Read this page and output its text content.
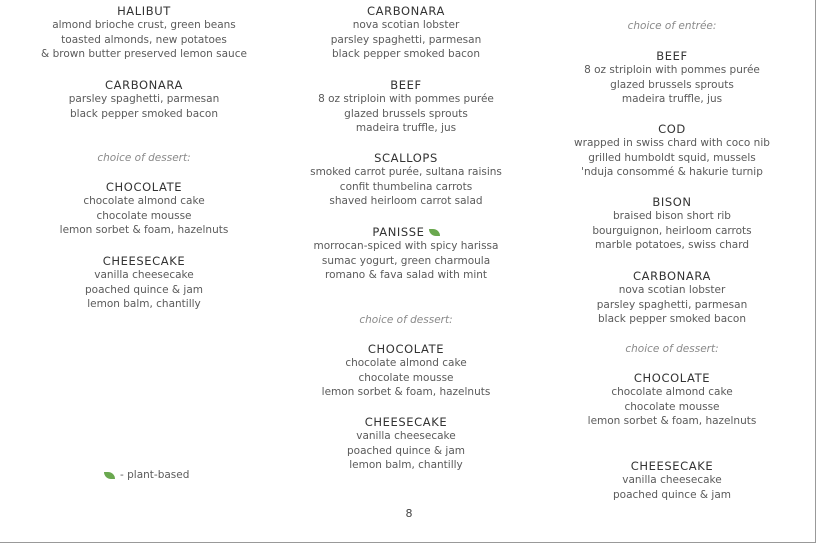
HALIBUT
almond brioche crust, green beans
toasted almonds, new potatoes
& brown butter preserved lemon sauce
CARBONARA
parsley spaghetti, parmesan
black pepper smoked bacon
choice of dessert:
CHOCOLATE
chocolate almond cake
chocolate mousse
lemon sorbet & foam, hazelnuts
CHEESECAKE
vanilla cheesecake
poached quince & jam
lemon balm, chantilly
CARBONARA
nova scotian lobster
parsley spaghetti, parmesan
black pepper smoked bacon
BEEF
8 oz striploin with pommes purée
glazed brussels sprouts
madeira truffle, jus
SCALLOPS
smoked carrot purée, sultana raisins
confit thumbelina carrots
shaved heirloom carrot salad
PANISSE
morrocan-spiced with spicy harissa
sumac yogurt, green charmoula
romano & fava salad with mint
choice of dessert:
CHOCOLATE
chocolate almond cake
chocolate mousse
lemon sorbet & foam, hazelnuts
CHEESECAKE
vanilla cheesecake
poached quince & jam
lemon balm, chantilly
choice of entrée:
BEEF
8 oz striploin with pommes purée
glazed brussels sprouts
madeira truffle, jus
COD
wrapped in swiss chard with coco nib
grilled humboldt squid, mussels
'nduja consommé & hakurie turnip
BISON
braised bison short rib
bourguignon, heirloom carrots
marble potatoes, swiss chard
CARBONARA
nova scotian lobster
parsley spaghetti, parmesan
black pepper smoked bacon
choice of dessert:
CHOCOLATE
chocolate almond cake
chocolate mousse
lemon sorbet & foam, hazelnuts
CHEESECAKE
vanilla cheesecake
poached quince & jam
- plant-based
8
